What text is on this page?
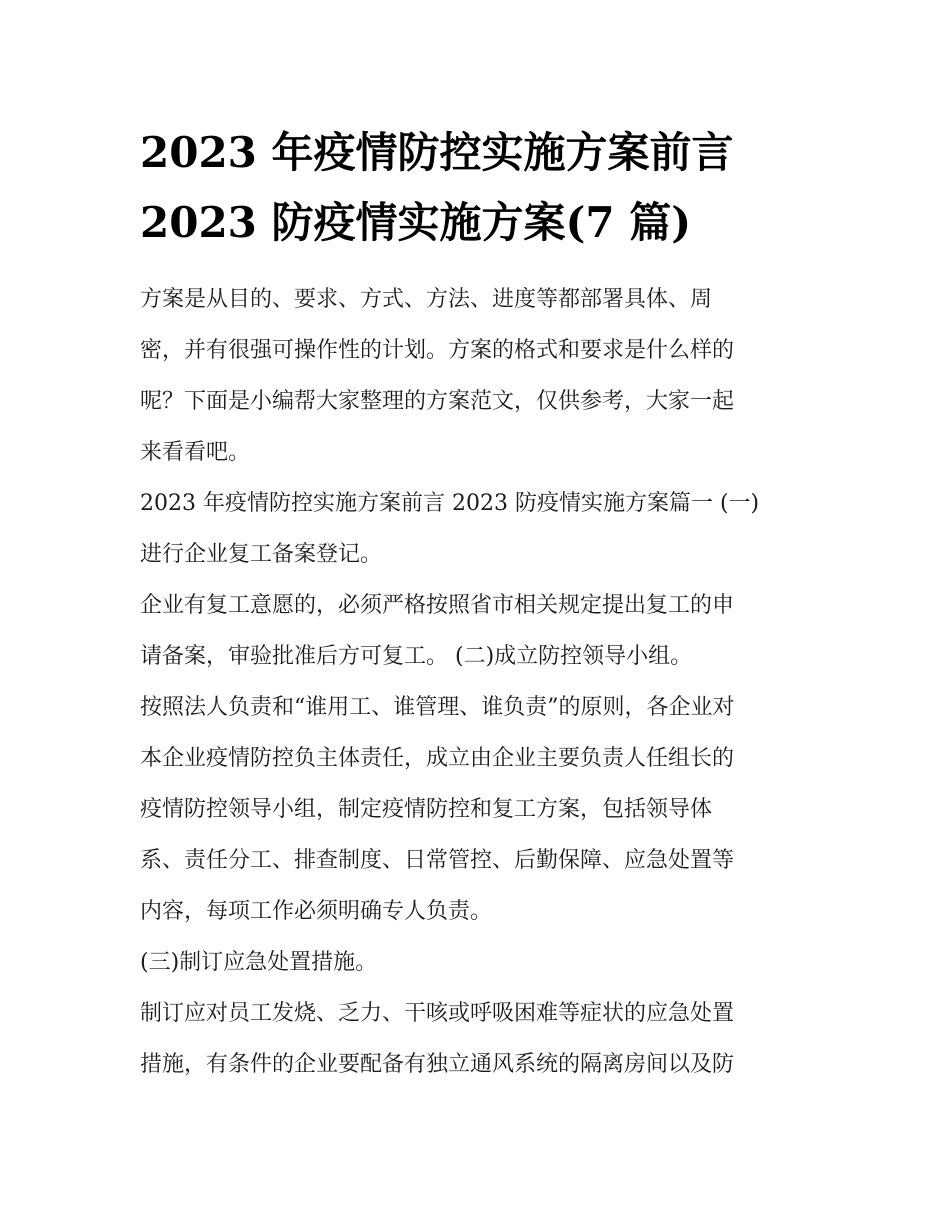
2023 年疫情防控实施方案前言
2023 防疫情实施方案(7 篇)
方案是从目的、要求、方式、方法、进度等都部署具体、周
密，并有很强可操作性的计划。方案的格式和要求是什么样的
呢？下面是小编帮大家整理的方案范文，仅供参考，大家一起
来看看吧。
2023 年疫情防控实施方案前言 2023 防疫情实施方案篇一 (一)
进行企业复工备案登记。
企业有复工意愿的，必须严格按照省市相关规定提出复工的申
请备案，审验批准后方可复工。 (二)成立防控领导小组。
按照法人负责和“谁用工、谁管理、谁负责”的原则，各企业对
本企业疫情防控负主体责任，成立由企业主要负责人任组长的
疫情防控领导小组，制定疫情防控和复工方案，包括领导体
系、责任分工、排查制度、日常管控、后勤保障、应急处置等
内容，每项工作必须明确专人负责。
(三)制订应急处置措施。
制订应对员工发烧、乏力、干咳或呼吸困难等症状的应急处置
措施，有条件的企业要配备有独立通风系统的隔离房间以及防
